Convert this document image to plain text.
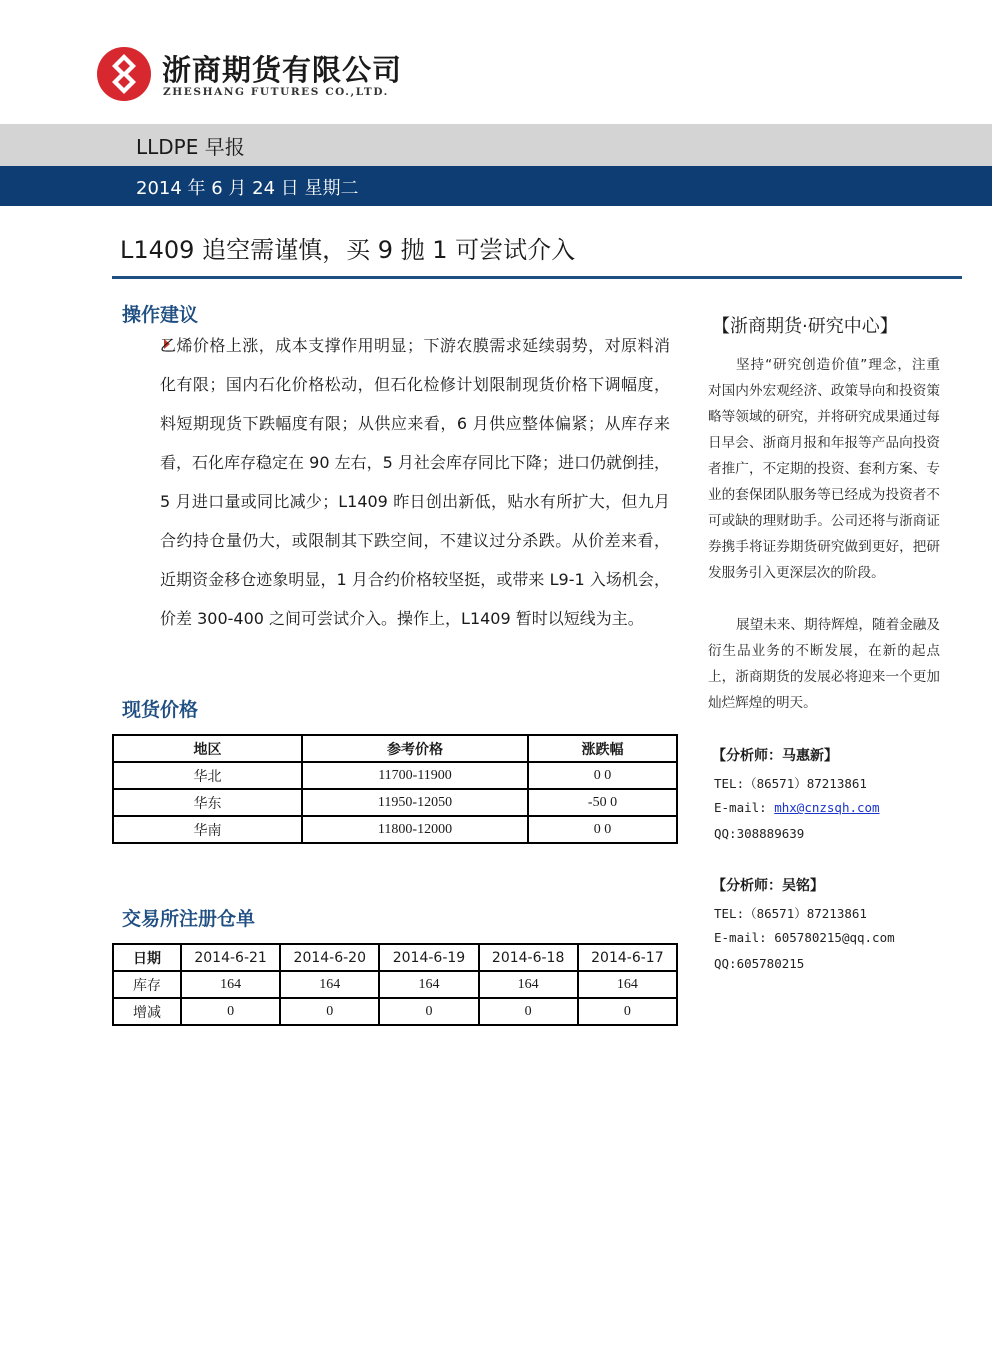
浙商期货有限公司
ZHESHANG FUTURES CO.,LTD.
LLDPE 早报
2014 年 6 月 24 日 星期二
L1409 追空需谨慎，买 9 抛 1 可尝试介入
操作建议
乙烯价格上涨，成本支撑作用明显；下游农膜需求延续弱势，对原料消化有限；国内石化价格松动，但石化检修计划限制现货价格下调幅度，料短期现货下跌幅度有限；从供应来看，6 月供应整体偏紧；从库存来看，石化库存稳定在 90 左右，5 月社会库存同比下降；进口仍就倒挂，5 月进口量或同比减少；L1409 昨日创出新低，贴水有所扩大，但九月合约持仓量仍大，或限制其下跌空间，不建议过分杀跌。从价差来看，近期资金移仓迹象明显，1 月合约价格较坚挺，或带来 L9-1 入场机会，价差 300-400 之间可尝试介入。操作上，L1409 暂时以短线为主。
现货价格
地区	参考价格	涨跌幅
华北	11700-11900	0 0
华东	11950-12050	-50 0
华南	11800-12000	0 0
交易所注册仓单
日期	2014-6-21	2014-6-20	2014-6-19	2014-6-18	2014-6-17
库存	164	164	164	164	164
增减	0	0	0	0	0
【浙商期货·研究中心】
坚持“研究创造价值”理念，注重对国内外宏观经济、政策导向和投资策略等领域的研究，并将研究成果通过每日早会、浙商月报和年报等产品向投资者推广，不定期的投资、套利方案、专业的套保团队服务等已经成为投资者不可或缺的理财助手。公司还将与浙商证券携手将证券期货研究做到更好，把研发服务引入更深层次的阶段。
展望未来、期待辉煌，随着金融及衍生品业务的不断发展，在新的起点上，浙商期货的发展必将迎来一个更加灿烂辉煌的明天。
【分析师：马惠新】
TEL:（86571）87213861
E-mail: mhx@cnzsqh.com
QQ:308889639
【分析师：吴铭】
TEL:（86571）87213861
E-mail: 605780215@qq.com
QQ:605780215
